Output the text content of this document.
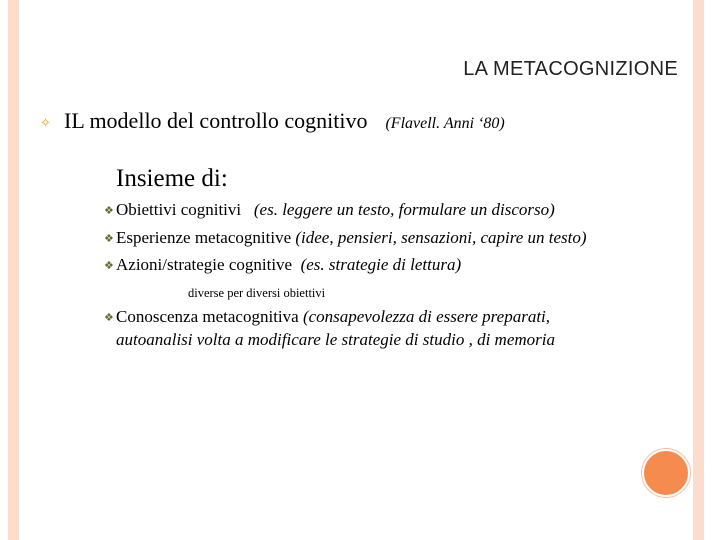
LA METACOGNIZIONE
✧ IL modello del controllo cognitivo (Flavell. Anni ‘80)
Insieme di:
❖ Obiettivi cognitivi (es. leggere un testo, formulare un discorso)
❖ Esperienze metacognitive (idee, pensieri, sensazioni, capire un testo)
❖ Azioni/strategie cognitive (es. strategie di lettura)
diverse per diversi obiettivi
❖ Conoscenza metacognitiva (consapevolezza di essere preparati,
autoanalisi volta a modificare le strategie di studio , di memoria
